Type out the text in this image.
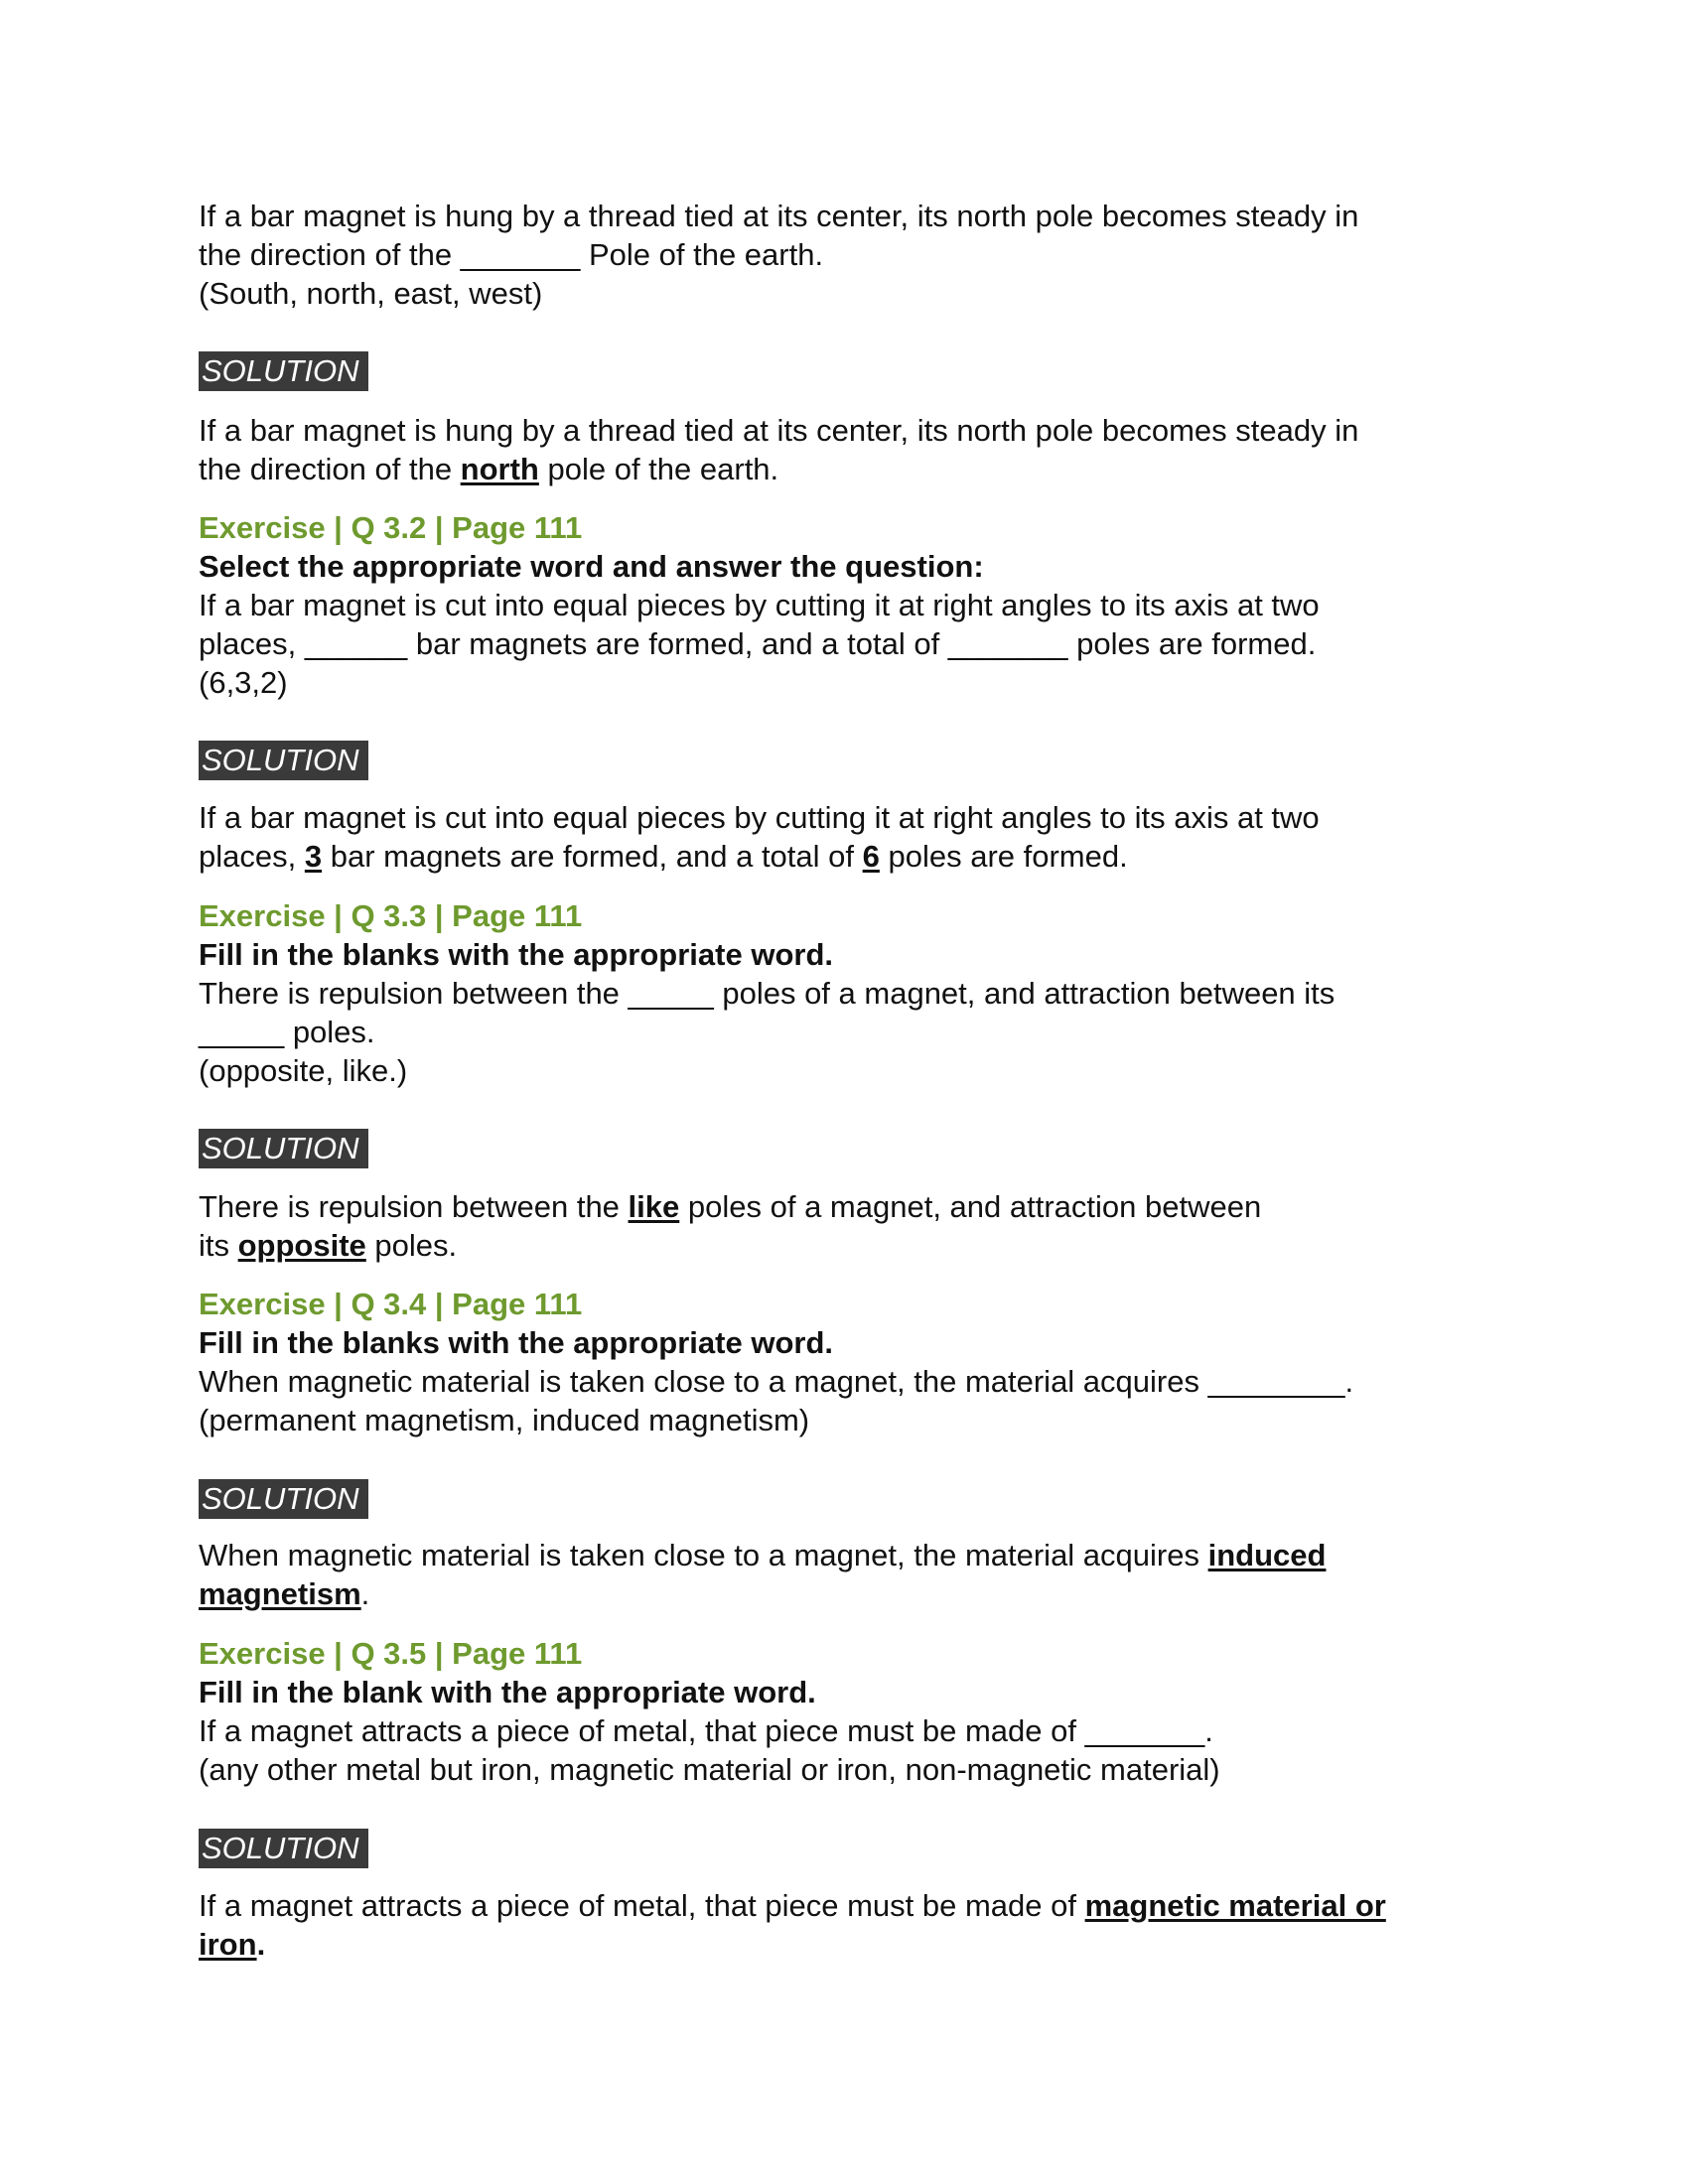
If a bar magnet is hung by a thread tied at its center, its north pole becomes steady in

the direction of the _______ Pole of the earth.

(South, north, east, west)

SOLUTION

If a bar magnet is hung by a thread tied at its center, its north pole becomes steady in

the direction of the north pole of the earth.

Exercise | Q 3.2 | Page 111

Select the appropriate word and answer the question:

If a bar magnet is cut into equal pieces by cutting it at right angles to its axis at two

places, ______ bar magnets are formed, and a total of _______ poles are formed.

(6,3,2)

SOLUTION

If a bar magnet is cut into equal pieces by cutting it at right angles to its axis at two

places, 3 bar magnets are formed, and a total of 6 poles are formed.

Exercise | Q 3.3 | Page 111

Fill in the blanks with the appropriate word.

There is repulsion between the _____ poles of a magnet, and attraction between its

_____ poles.

(opposite, like.)

SOLUTION

There is repulsion between the like poles of a magnet, and attraction between

its opposite poles.

Exercise | Q 3.4 | Page 111

Fill in the blanks with the appropriate word.

When magnetic material is taken close to a magnet, the material acquires ________.

(permanent magnetism, induced magnetism)

SOLUTION

When magnetic material is taken close to a magnet, the material acquires induced

magnetism.

Exercise | Q 3.5 | Page 111

Fill in the blank with the appropriate word.

If a magnet attracts a piece of metal, that piece must be made of _______.

(any other metal but iron, magnetic material or iron, non-magnetic material)

SOLUTION

If a magnet attracts a piece of metal, that piece must be made of magnetic material or

iron.
